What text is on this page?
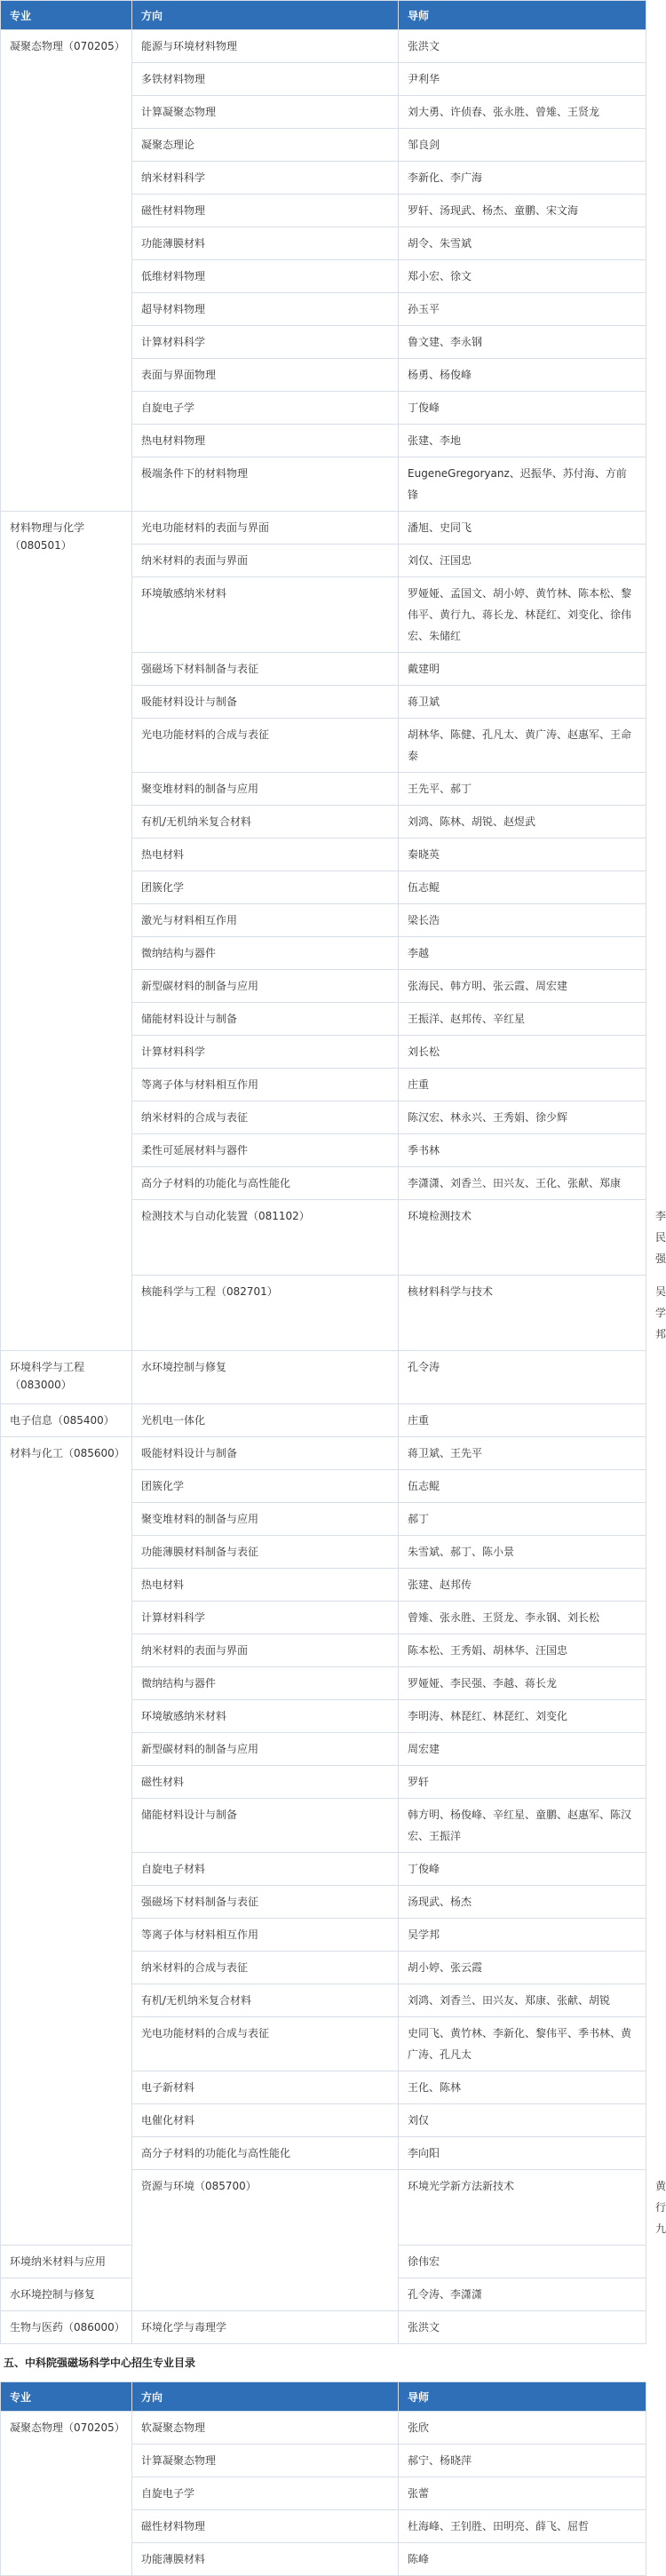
专业	方向	导师	
凝聚态物理（070205）	能源与环境材料物理	张洪文	
	多铁材料物理	尹利华	
	计算凝聚态物理	刘大勇、许侦春、张永胜、曾雉、王贤龙	
	凝聚态理论	邹良剑	
	纳米材料科学	李新化、李广海	
	磁性材料物理	罗轩、汤现武、杨杰、童鹏、宋文海	
	功能薄膜材料	胡令、朱雪斌	
	低维材料物理	郑小宏、徐文	
	超导材料物理	孙玉平	
	计算材料科学	鲁文建、李永钢	
	表面与界面物理	杨勇、杨俊峰	
	自旋电子学	丁俊峰	
	热电材料物理	张建、李地	
	极端条件下的材料物理	EugeneGregoryanz、迟振华、苏付海、方前锋	
材料物理与化学（080501）	光电功能材料的表面与界面	潘旭、史同飞	
	纳米材料的表面与界面	刘仅、汪国忠	
	环境敏感纳米材料	罗娅娅、孟国文、胡小婷、黄竹林、陈本松、黎伟平、黄行九、蒋长龙、林琵红、刘变化、徐伟宏、朱储红	
	强磁场下材料制备与表征	戴建明	
	吸能材料设计与制备	蒋卫斌	
	光电功能材料的合成与表征	胡林华、陈健、孔凡太、黄广涛、赵惠军、王命泰	
	聚变堆材料的制备与应用	王先平、郝丁	
	有机/无机纳米复合材料	刘鸿、陈林、胡锐、赵煜武	
	热电材料	秦晓英	
	团簇化学	伍志鲲	
	激光与材料相互作用	梁长浩	
	微纳结构与器件	李越	
	新型碳材料的制备与应用	张海民、韩方明、张云霞、周宏建	
	储能材料设计与制备	王振洋、赵邦传、辛红星	
	计算材料科学	刘长松	
	等离子体与材料相互作用	庄重	
	纳米材料的合成与表征	陈汉宏、林永兴、王秀娟、徐少辉	
	柔性可延展材料与器件	季书林	
	高分子材料的功能化与高性能化	李潇潇、刘香兰、田兴友、王化、张献、郑康	
	检测技术与自动化装置（081102）	环境检测技术	李民强
	核能科学与工程（082701）	核材料科学与技术	吴学邦
环境科学与工程（083000）	水环境控制与修复	孔令涛	
电子信息（085400）	光机电一体化	庄重	
材料与化工（085600）	吸能材料设计与制备	蒋卫斌、王先平	
	团簇化学	伍志鲲	
	聚变堆材料的制备与应用	郝丁	
	功能薄膜材料制备与表征	朱雪斌、郝丁、陈小景	
	热电材料	张建、赵邦传	
	计算材料科学	曾雉、张永胜、王贤龙、李永钢、刘长松	
	纳米材料的表面与界面	陈本松、王秀娟、胡林华、汪国忠	
	微纳结构与器件	罗娅娅、李民强、李越、蒋长龙	
	环境敏感纳米材料	李明涛、林琵红、林琵红、刘变化	
	新型碳材料的制备与应用	周宏建	
	磁性材料	罗轩	
	储能材料设计与制备	韩方明、杨俊峰、辛红星、童鹏、赵惠军、陈汉宏、王振洋	
	自旋电子材料	丁俊峰	
	强磁场下材料制备与表征	汤现武、杨杰	
	等离子体与材料相互作用	吴学邦	
	纳米材料的合成与表征	胡小婷、张云霞	
	有机/无机纳米复合材料	刘鸿、刘香兰、田兴友、郑康、张献、胡锐	
	光电功能材料的合成与表征	史同飞、黄竹林、李新化、黎伟平、季书林、黄广涛、孔凡太	
	电子新材料	王化、陈林	
	电催化材料	刘仅	
	高分子材料的功能化与高性能化	李向阳	
	资源与环境（085700）	环境光学新方法新技术	黄行九
环境纳米材料与应用		徐伟宏	
水环境控制与修复		孔令涛、李潇潇	
生物与医药（086000）	环境化学与毒理学	张洪文	
五、中科院强磁场科学中心招生专业目录
专业	方向	导师
凝聚态物理（070205）	软凝聚态物理	张欣
	计算凝聚态物理	郝宁、杨晓萍
	自旋电子学	张蕾
	磁性材料物理	杜海峰、王钊胜、田明亮、薛飞、屈哲
	功能薄膜材料	陈峰
